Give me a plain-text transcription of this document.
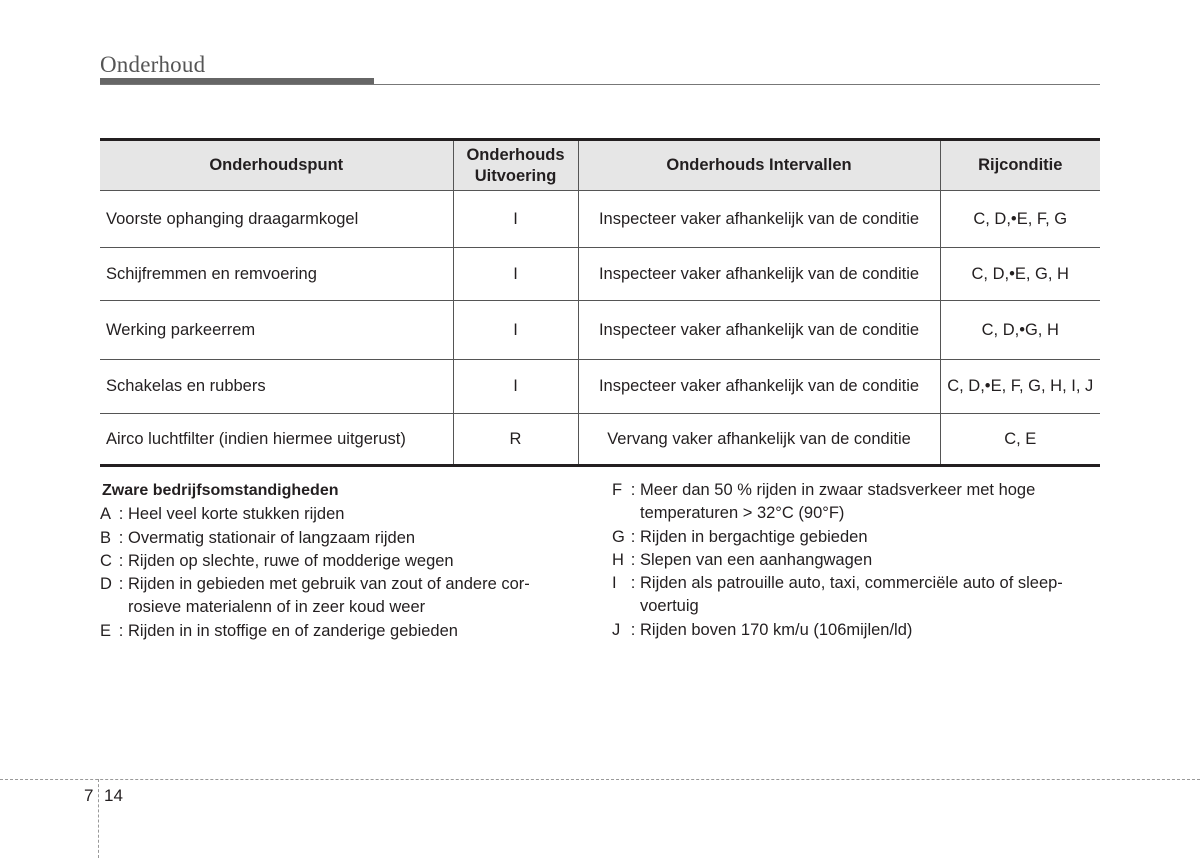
Onderhoud
Onderhoudspunt	Onderhouds Uitvoering	Onderhouds Intervallen	Rijconditie
Voorste ophanging draagarmkogel	I	Inspecteer vaker afhankelijk van de conditie	C, D,•E, F, G
Schijfremmen en remvoering	I	Inspecteer vaker afhankelijk van de conditie	C, D,•E, G, H
Werking parkeerrem	I	Inspecteer vaker afhankelijk van de conditie	C, D,•G, H
Schakelas en rubbers	I	Inspecteer vaker afhankelijk van de conditie	C, D,•E, F, G, H, I, J
Airco luchtfilter (indien hiermee uitgerust)	R	Vervang vaker afhankelijk van de conditie	C, E
Zware bedrijfsomstandigheden
A : Heel veel korte stukken rijden
B : Overmatig stationair of langzaam rijden
C : Rijden op slechte, ruwe of modderige wegen
D : Rijden in gebieden met gebruik van zout of andere cor- rosieve materialenn of in zeer koud weer
E : Rijden in in stoffige en of zanderige gebieden
F : Meer dan 50 % rijden in zwaar stadsverkeer met hoge temperaturen > 32°C (90°F)
G : Rijden in bergachtige gebieden
H : Slepen van een aanhangwagen
I : Rijden als patrouille auto, taxi, commerciële auto of sleep- voertuig
J : Rijden boven 170 km/u (106mijlen/ld)
7 14
